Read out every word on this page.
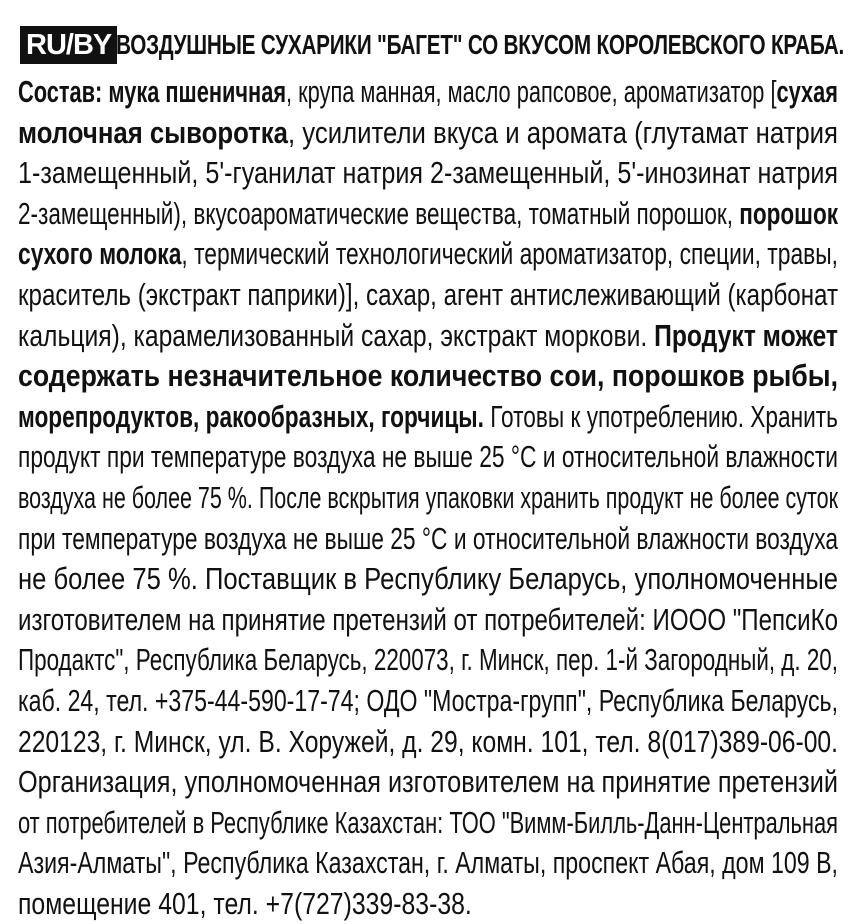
RU/BY ВОЗДУШНЫЕ СУХАРИКИ "БАГЕТ" СО ВКУСОМ КОРОЛЕВСКОГО КРАБА.
Состав: мука пшеничная, крупа манная, масло рапсовое, ароматизатор [сухая
молочная сыворотка, усилители вкуса и аромата (глутамат натрия
1-замещенный, 5'-гуанилат натрия 2-замещенный, 5'-инозинат натрия
2-замещенный), вкусоароматические вещества, томатный порошок, порошок
сухого молока, термический технологический ароматизатор, специи, травы,
краситель (экстракт паприки)], сахар, агент антислеживающий (карбонат
кальция), карамелизованный сахар, экстракт моркови. Продукт может
содержать незначительное количество сои, порошков рыбы,
морепродуктов, ракообразных, горчицы. Готовы к употреблению. Хранить
продукт при температуре воздуха не выше 25 °С и относительной влажности
воздуха не более 75 %. После вскрытия упаковки хранить продукт не более суток
при температуре воздуха не выше 25 °С и относительной влажности воздуха
не более 75 %. Поставщик в Республику Беларусь, уполномоченные
изготовителем на принятие претензий от потребителей: ИООО "ПепсиКо
Продактс", Республика Беларусь, 220073, г. Минск, пер. 1-й Загородный, д. 20,
каб. 24, тел. +375-44-590-17-74; ОДО "Мостра-групп", Республика Беларусь,
220123, г. Минск, ул. В. Хоружей, д. 29, комн. 101, тел. 8(017)389-06-00.
Организация, уполномоченная изготовителем на принятие претензий
от потребителей в Республике Казахстан: ТОО "Вимм-Билль-Данн-Центральная
Азия-Алматы", Республика Казахстан, г. Алматы, проспект Абая, дом 109 В,
помещение 401, тел. +7(727)339-83-38.
